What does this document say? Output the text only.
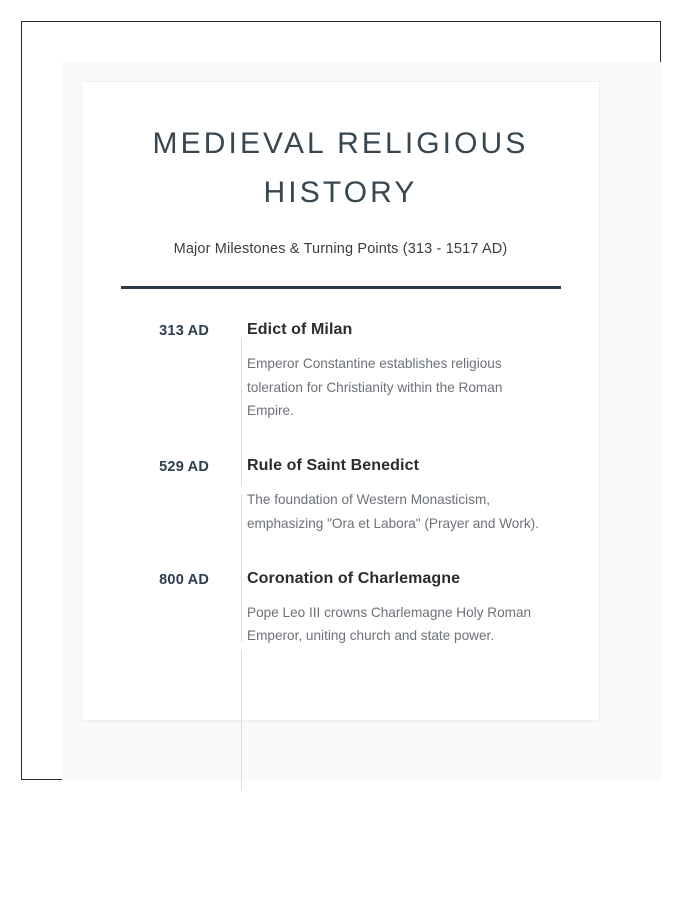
MEDIEVAL RELIGIOUS HISTORY

Major Milestones & Turning Points (313 - 1517 AD)

313 AD	Edict of Milan

Emperor Constantine establishes religious toleration for Christianity within the Roman Empire.

529 AD	Rule of Saint Benedict

The foundation of Western Monasticism, emphasizing "Ora et Labora" (Prayer and Work).

800 AD	Coronation of Charlemagne

Pope Leo III crowns Charlemagne Holy Roman Emperor, uniting church and state power.
